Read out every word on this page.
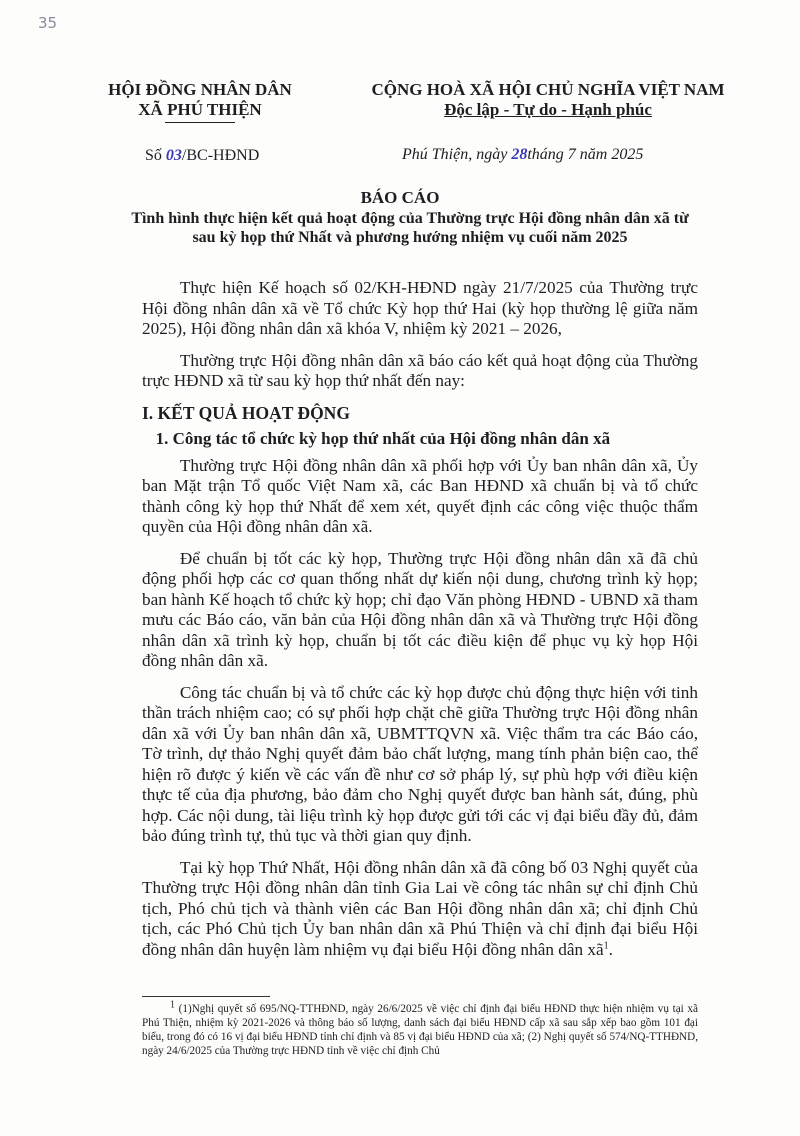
35
HỘI ĐỒNG NHÂN DÂN
XÃ PHÚ THIỆN
CỘNG HOÀ XÃ HỘI CHỦ NGHĨA VIỆT NAM
Độc lập - Tự do - Hạnh phúc
Số 03/BC-HĐND	Phú Thiện, ngày 28tháng 7 năm 2025
BÁO CÁO
Tình hình thực hiện kết quả hoạt động của Thường trực Hội đồng nhân dân xã từ sau kỳ họp thứ Nhất và phương hướng nhiệm vụ cuối năm 2025

Thực hiện Kế hoạch số 02/KH-HĐND ngày 21/7/2025 của Thường trực Hội đồng nhân dân xã về Tổ chức Kỳ họp thứ Hai (kỳ họp thường lệ giữa năm 2025), Hội đồng nhân dân xã khóa V, nhiệm kỳ 2021 – 2026,

Thường trực Hội đồng nhân dân xã báo cáo kết quả hoạt động của Thường trực HĐND xã từ sau kỳ họp thứ nhất đến nay:

I. KẾT QUẢ HOẠT ĐỘNG
1. Công tác tổ chức kỳ họp thứ nhất của Hội đồng nhân dân xã

Thường trực Hội đồng nhân dân xã phối hợp với Ủy ban nhân dân xã, Ủy ban Mặt trận Tổ quốc Việt Nam xã, các Ban HĐND xã chuẩn bị và tổ chức thành công kỳ họp thứ Nhất để xem xét, quyết định các công việc thuộc thẩm quyền của Hội đồng nhân dân xã.

Để chuẩn bị tốt các kỳ họp, Thường trực Hội đồng nhân dân xã đã chủ động phối hợp các cơ quan thống nhất dự kiến nội dung, chương trình kỳ họp; ban hành Kế hoạch tổ chức kỳ họp; chỉ đạo Văn phòng HĐND - UBND xã tham mưu các Báo cáo, văn bản của Hội đồng nhân dân xã và Thường trực Hội đồng nhân dân xã trình kỳ họp, chuẩn bị tốt các điều kiện để phục vụ kỳ họp Hội đồng nhân dân xã.

Công tác chuẩn bị và tổ chức các kỳ họp được chủ động thực hiện với tinh thần trách nhiệm cao; có sự phối hợp chặt chẽ giữa Thường trực Hội đồng nhân dân xã với Ủy ban nhân dân xã, UBMTTQVN xã. Việc thẩm tra các Báo cáo, Tờ trình, dự thảo Nghị quyết đảm bảo chất lượng, mang tính phản biện cao, thể hiện rõ được ý kiến về các vấn đề như cơ sở pháp lý, sự phù hợp với điều kiện thực tế của địa phương, bảo đảm cho Nghị quyết được ban hành sát, đúng, phù hợp. Các nội dung, tài liệu trình kỳ họp được gửi tới các vị đại biểu đầy đủ, đảm bảo đúng trình tự, thủ tục và thời gian quy định.

Tại kỳ họp Thứ Nhất, Hội đồng nhân dân xã đã công bố 03 Nghị quyết của Thường trực Hội đồng nhân dân tỉnh Gia Lai về công tác nhân sự chỉ định Chủ tịch, Phó chủ tịch và thành viên các Ban Hội đồng nhân dân xã; chỉ định Chủ tịch, các Phó Chủ tịch Ủy ban nhân dân xã Phú Thiện và chỉ định đại biểu Hội đồng nhân dân huyện làm nhiệm vụ đại biểu Hội đồng nhân dân $xã^1$.

$^1$ (1)Nghị quyết số 695/NQ-TTHĐND, ngày 26/6/2025 về việc chỉ định đại biểu HĐND thực hiện nhiệm vụ tại xã Phú Thiện, nhiệm kỳ 2021-2026 và thông báo số lượng, danh sách đại biểu HĐND cấp xã sau sắp xếp bao gồm 101 đại biểu, trong đó có 16 vị đại biểu HĐND tỉnh chỉ định và 85 vị đại biểu HĐND của xã; (2) Nghị quyết số 574/NQ-TTHĐND, ngày 24/6/2025 của Thường trực HĐND tỉnh về việc chỉ định Chủ
